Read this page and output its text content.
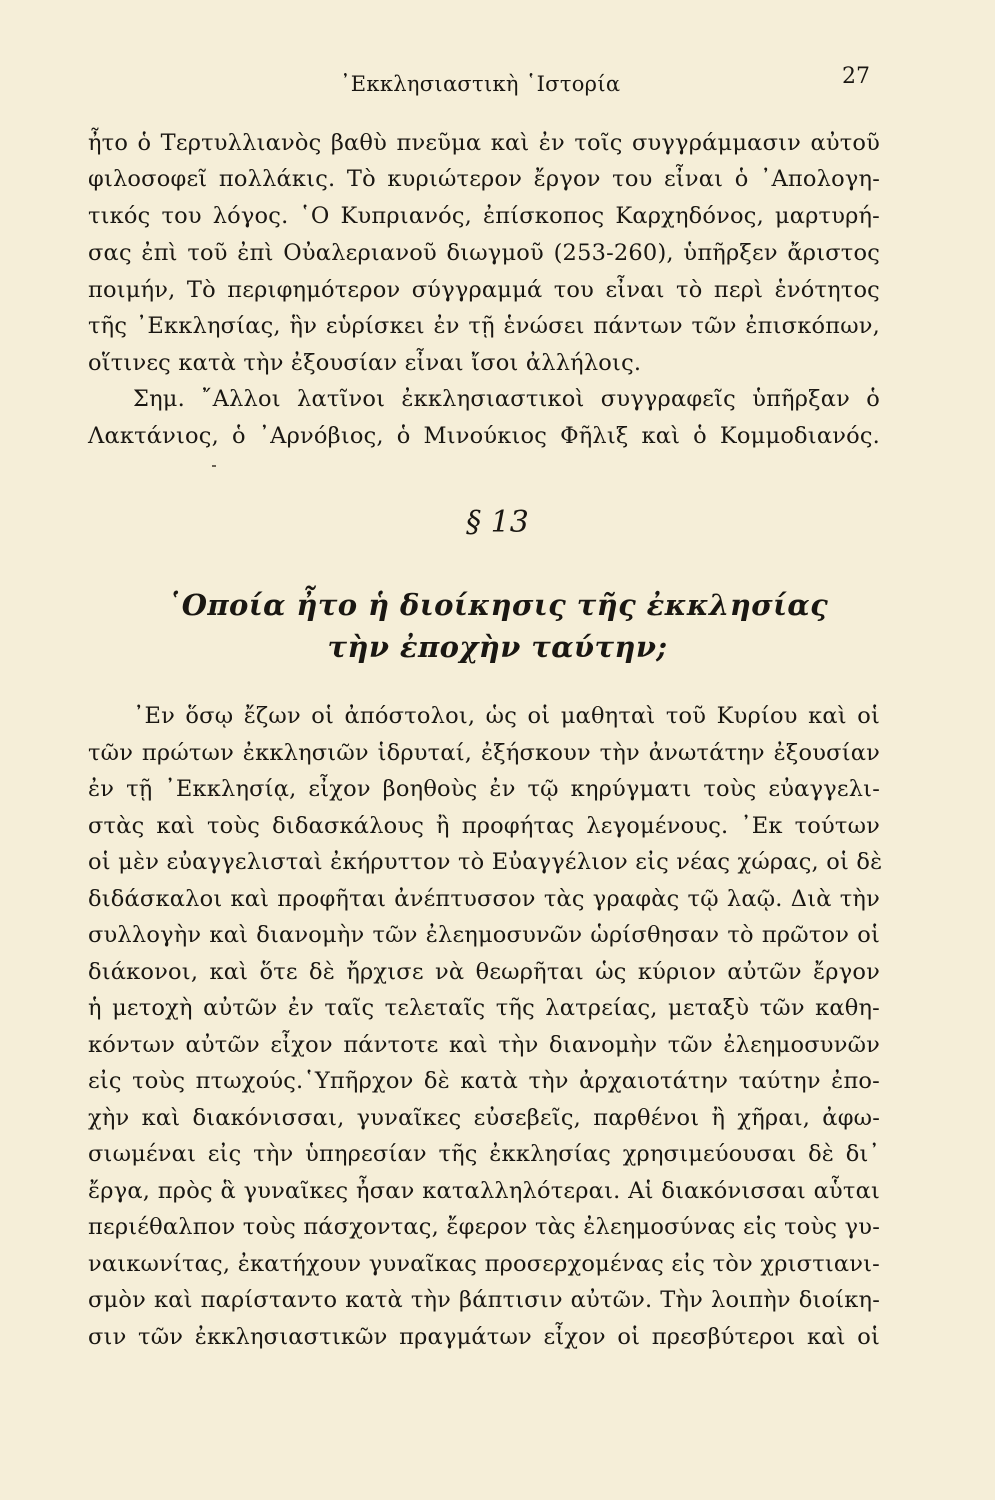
᾿Εκκλησιαστικὴ ῾Ιστορία	27
ἦτο ὁ Τερτυλλιανὸς βαθὺ πνεῦμα καὶ ἐν τοῖς συγγράμμασιν αὐτοῦ
φιλοσοφεῖ πολλάκις. Τὸ κυριώτερον ἔργον του εἶναι ὁ ᾿Απολογη-
τικός του λόγος. ῾Ο Κυπριανός, ἐπίσκοπος Καρχηδόνος, μαρτυρή-
σας ἐπὶ τοῦ ἐπὶ Οὐαλεριανοῦ διωγμοῦ (253-260), ὑπῆρξεν ἄριστος
ποιμήν, Τὸ περιφημότερον σύγγραμμά του εἶναι τὸ περὶ ἑνότητος
τῆς ᾿Εκκλησίας, ἣν εὑρίσκει ἐν τῇ ἑνώσει πάντων τῶν ἐπισκόπων,
οἵτινες κατὰ τὴν ἐξουσίαν εἶναι ἴσοι ἀλλήλοις.
Σημ. ῎Αλλοι λατῖνοι ἐκκλησιαστικοὶ συγγραφεῖς ὑπῆρξαν ὁ
Λακτάνιος, ὁ ᾿Αρνόβιος, ὁ Μινούκιος Φῆλιξ καὶ ὁ Κομμοδιανός.
§ 13
῾Οποία ἦτο ἡ διοίκησις τῆς ἐκκλησίας
τὴν ἐποχὴν ταύτην;
᾿Εν ὅσῳ ἔζων οἱ ἀπόστολοι, ὡς οἱ μαθηταὶ τοῦ Κυρίου καὶ οἱ
τῶν πρώτων ἐκκλησιῶν ἱδρυταί, ἐξήσκουν τὴν ἀνωτάτην ἐξουσίαν
ἐν τῇ ᾿Εκκλησίᾳ, εἶχον βοηθοὺς ἐν τῷ κηρύγματι τοὺς εὐαγγελι-
στὰς καὶ τοὺς διδασκάλους ἢ προφήτας λεγομένους. ᾿Εκ τούτων
οἱ μὲν εὐαγγελισταὶ ἐκήρυττον τὸ Εὐαγγέλιον εἰς νέας χώρας, οἱ δὲ
διδάσκαλοι καὶ προφῆται ἀνέπτυσσον τὰς γραφὰς τῷ λαῷ. Διὰ τὴν
συλλογὴν καὶ διανομὴν τῶν ἐλεημοσυνῶν ὡρίσθησαν τὸ πρῶτον οἱ
διάκονοι, καὶ ὅτε δὲ ἤρχισε νὰ θεωρῆται ὡς κύριον αὐτῶν ἔργον
ἡ μετοχὴ αὐτῶν ἐν ταῖς τελεταῖς τῆς λατρείας, μεταξὺ τῶν καθη-
κόντων αὐτῶν εἶχον πάντοτε καὶ τὴν διανομὴν τῶν ἐλεημοσυνῶν
εἰς τοὺς πτωχούς.῾Υπῆρχον δὲ κατὰ τὴν ἀρχαιοτάτην ταύτην ἐπο-
χὴν καὶ διακόνισσαι, γυναῖκες εὐσεβεῖς, παρθένοι ἢ χῆραι, ἀφω-
σιωμέναι εἰς τὴν ὑπηρεσίαν τῆς ἐκκλησίας χρησιμεύουσαι δὲ δι᾿
ἔργα, πρὸς ἃ γυναῖκες ἦσαν καταλληλότεραι. Αἱ διακόνισσαι αὗται
περιέθαλπον τοὺς πάσχοντας, ἔφερον τὰς ἐλεημοσύνας εἰς τοὺς γυ-
ναικωνίτας, ἐκατήχουν γυναῖκας προσερχομένας εἰς τὸν χριστιανι-
σμὸν καὶ παρίσταντο κατὰ τὴν βάπτισιν αὐτῶν. Τὴν λοιπὴν διοίκη-
σιν τῶν ἐκκλησιαστικῶν πραγμάτων εἶχον οἱ πρεσβύτεροι καὶ οἱ
